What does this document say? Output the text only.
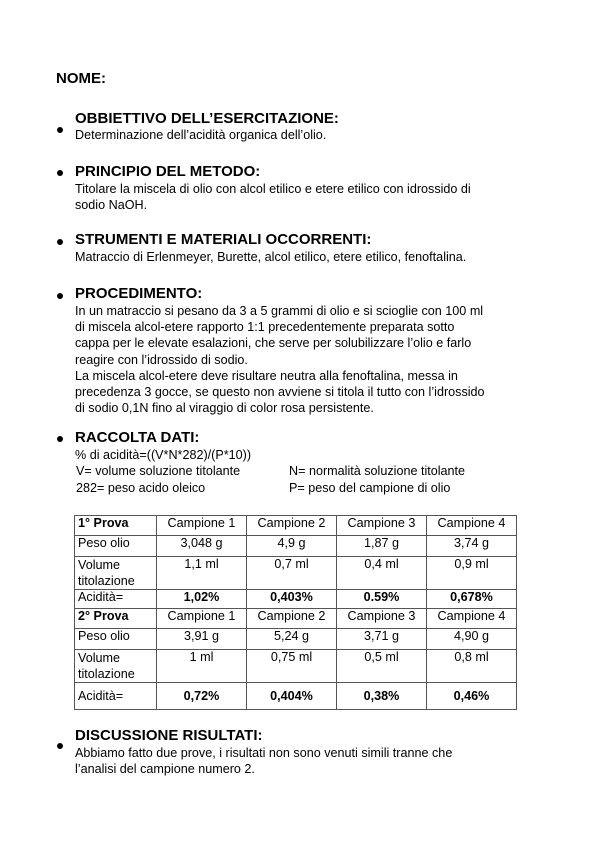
NOME:
OBBIETTIVO DELL’ESERCITAZIONE:
Determinazione dell’acidità organica dell’olio.
PRINCIPIO DEL METODO:
Titolare la miscela di olio con alcol etilico e etere etilico con idrossido di
sodio NaOH.
STRUMENTI E MATERIALI OCCORRENTI:
Matraccio di Erlenmeyer, Burette, alcol etilico, etere etilico, fenoftalina.
PROCEDIMENTO:
In un matraccio si pesano da 3 a 5 grammi di olio e si scioglie con 100 ml
di miscela alcol-etere rapporto 1:1 precedentemente preparata sotto
cappa per le elevate esalazioni, che serve per solubilizzare l’olio e farlo
reagire con l’idrossido di sodio.
La miscela alcol-etere deve risultare neutra alla fenoftalina, messa in
precedenza 3 gocce, se questo non avviene si titola il tutto con l’idrossido
di sodio 0,1N fino al viraggio di color rosa persistente.
RACCOLTA DATI:
% di acidità=((V*N*282)/(P*10))
V= volume soluzione titolante	N= normalità soluzione titolante
282= peso acido oleico	P= peso del campione di olio
1° Prova	Campione 1	Campione 2	Campione 3	Campione 4
Peso olio	3,048 g	4,9 g	1,87 g	3,74 g

Volume
titolazione	1,1 ml	0,7 ml	0,4 ml	0,9 ml
Acidità=	1,02%	0,403%	0.59%	0,678%
2° Prova	Campione 1	Campione 2	Campione 3	Campione 4
Peso olio	3,91 g	5,24 g	3,71 g	4,90 g

Volume
titolazione	1 ml	0,75 ml	0,5 ml	0,8 ml
Acidità=	0,72%	0,404%	0,38%	0,46%
DISCUSSIONE RISULTATI:
Abbiamo fatto due prove, i risultati non sono venuti simili tranne che
l’analisi del campione numero 2.
